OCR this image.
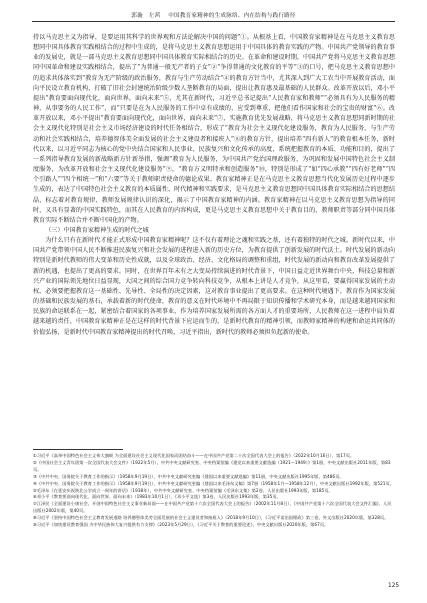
郭璇　左茜 中国教育家精神的生成脉络、内在结构与践行路径

持以马克思主义为指导，是要运用其科学的世界观和方法论解决中国的问题”①。从根基上看，中国教育家精神是在马克思主义教育思想同中国具体教育实践相结合的过程中生成的，是将马克思主义教育思想运用于中国具体的教育实践的产物。中国共产党领导的教育事业的发展史，就是一部马克思主义教育思想同中国具体教育实际相结合的历史。在革命和建设时期，中国共产党将马克思主义教育思想同中国革命和建设实践相结合，提出了“为普通一般无产者的子女”②“争得普通的文化教育的平等”③的口号，把马克思主义教育思想中的追求共体落实到“教育为无产阶级的政治服务，教育与生产劳动结合”④的教育方针当中，尤其深入到广大工农当中开展教育活动，面向平民设立教育机构，打破了旧社会封建统治阶级少数人垄断教育的局面，提出让教育惠及最基础的人民群众。改革开放以后，邓小平提出“教育要面向现代化，面向世界，面向未来”⑤，尤其在新时代，习近平总书记提出“人民教育家和教师”“必须具有为人民服务的精神，从事要务的人民工作”，而“只要是在为人民服务的工作中卓有成绩的，应受到尊重，把他们看作国家和社会的宝贵的财富”⑥。改革开放以来，邓小平提出“教育要面向现代化，面向世界，面向未来”⑦，实施教育优先发展战略，将马克思主义教育思想同新时期的社会主义现代化特别是社会主义市场经济建设的时代任务相结合，形成了“教育为社会主义现代化建设服务，教育为人民服务，与生产劳动和社会实践相结合，培养德智体美全面发展的社会主义建设者和接班人”⑧的教育方针，提出培养“四有新人”的教育根本任务，新时代以来，以习近平同志为核心的党中央结合国家和人民事业、民族复兴和文化传承的高度，系统把握教育的本质、功能和目的，提出了一系列指导教育发展的新战略新方针新举措，强调“教育为人民服务，为中国共产党治国理政服务，为巩固和发展中国特色社会主义制度服务，为改革开放和社会主义现代化建设服务”⑨，“教育方义明特承和创造服务”⑩，特别是形成了“如“四心承教”“四有好老师”“四个引路人”“四个相统一”和“六要”等关于教师职责使命的德论成果。教育家精神正是在马克思主义教育思想当代化发展历史过程中逐步生成的，表达了中国特色社会主义教育的本质属性、时代精神和实践要求，是马克思主义教育思想同中国具体教育实际相结合的思想结晶，标志着对教育规律、教师发展规律认识的深化，揭示了中国教育家精神的内涵。教育家精神在以马克思主义教育思想为指导的同时，又具有显著的中国实践特色，而其在人民教育的内容构成，更是马克思主义教育思想中关于教育目的、教师职责等部分同中国具体教育实际不断结合并不断中国化的产物。

（三）中国教育家精神生成的时代之城

为什么只有在新时代才能正式形成中国教育家精神呢？这不仅有着理论之魂和实践之基，还有着独特的时代之城。新时代以来，中国共产党带领中国人民不断推进民族复兴和社会发展的进程进入新的历史方位，为教育提供了创新发展的时代沃土。时代发展的新动向特别是新时代教师的伟大变革和历史性成就，以及全球政治、经济、文化格局的调整和重组，时代发展的新动向和教育改革发展提供了新的机遇，也提出了更高的要求。同时，在世界百年未有之大变局持续演进的时代背景下，中国日益走近世界舞台中央，科技总量和新兴产业的国际领先地位日益显现，大国之间的综合国力竞争转向科技竞争，从根本上讲是人才竞争，从这里看，要赢得国家发展的主动权，必须要把握教育这一基础性、先导性、全局性的决定因素，这对教育事业提出了更高要求。在这种时代境遇下，教育作为国家发展的基础和民族发展的基石，承载着新的时代使命，教育的意义在时代环境中不再局限于知识传播和学术研究本身，而是越来越同国家和民族的命运联系在一起，紧密结合着国家的各项事业，作为培养国家发展所需的各方面人才的重要场所，人民教师在这一进程中肩负着越来越的责任，中国教育家精神正是在这样的时代背景下应运而生的，是新时代教育的精神引领，而教师家精神的构建和命运共同体的价值弘扬，是新时代中国教育家精神提出的时代召唤，习近平指出，新时代的教师必须担负起新的使命。

①习近平《高举中国特色社会主义伟大旗帜 为全面建设社会主义现代化国家而团结奋斗——在中国共产党第二十次全国代表大会上的报告》（2022年10月16日），第17页。
②《中国社会主义青年团第一次全国代表大会文件》（1922年5月），中共中央文献研究室、中央档案馆编《建党以来重要文献选编（1921—1949）》第1册，中央文献出版社2011年版，第83页。
③《中共中央、国务院关于教育工作的指示》（1958年9月19日），中共中央文献研究室编《建国以来重要文献选编》第11册，中央文献出版社1995年版，第486页。
④《中共中央、国务院关于教育工作的指示》（1958年9月19日），中共中央文献研究室编《建国以来毛泽东文稿》第7册（1958年1月—1958年12月），中央文献出版社1992年版，第521页。
⑤毛泽东《在延安庆祝陕北公学成立一周年的讲话》（1938年），中共中央文献研究室、中央档案馆编《毛泽东文集》第2卷，人民出版社1993年版，第185页。
⑥邓小平《教育要面向现代化、面向世界、面向未来》（1983年10月1日），《邓小平文选》第3卷，人民出版社1993年版，第35页。
⑦江泽民《全面建设小康社会，开创中国特色社会主义事业新局面——在中国共产党第十六次全国代表大会上的报告》（2002年11月8日），《中国共产党第十六次全国代表大会文件汇编》，人民出版社2002年版，第40页。
⑧习近平《坚持中国特色社会主义教育发展道路 培养德智体美劳全面发展的社会主义建设者和接班人》（2018年9月10日），《习近平谈治国理政》第三卷，外文出版社2020年版，第328页。
⑨习近平《加快建设教育强国 为中华民族伟大复兴提供有力支撑》（2023年5月29日），《习近平关于教育的重要论述》，中央文献出版社2020年版，第67页。
125
